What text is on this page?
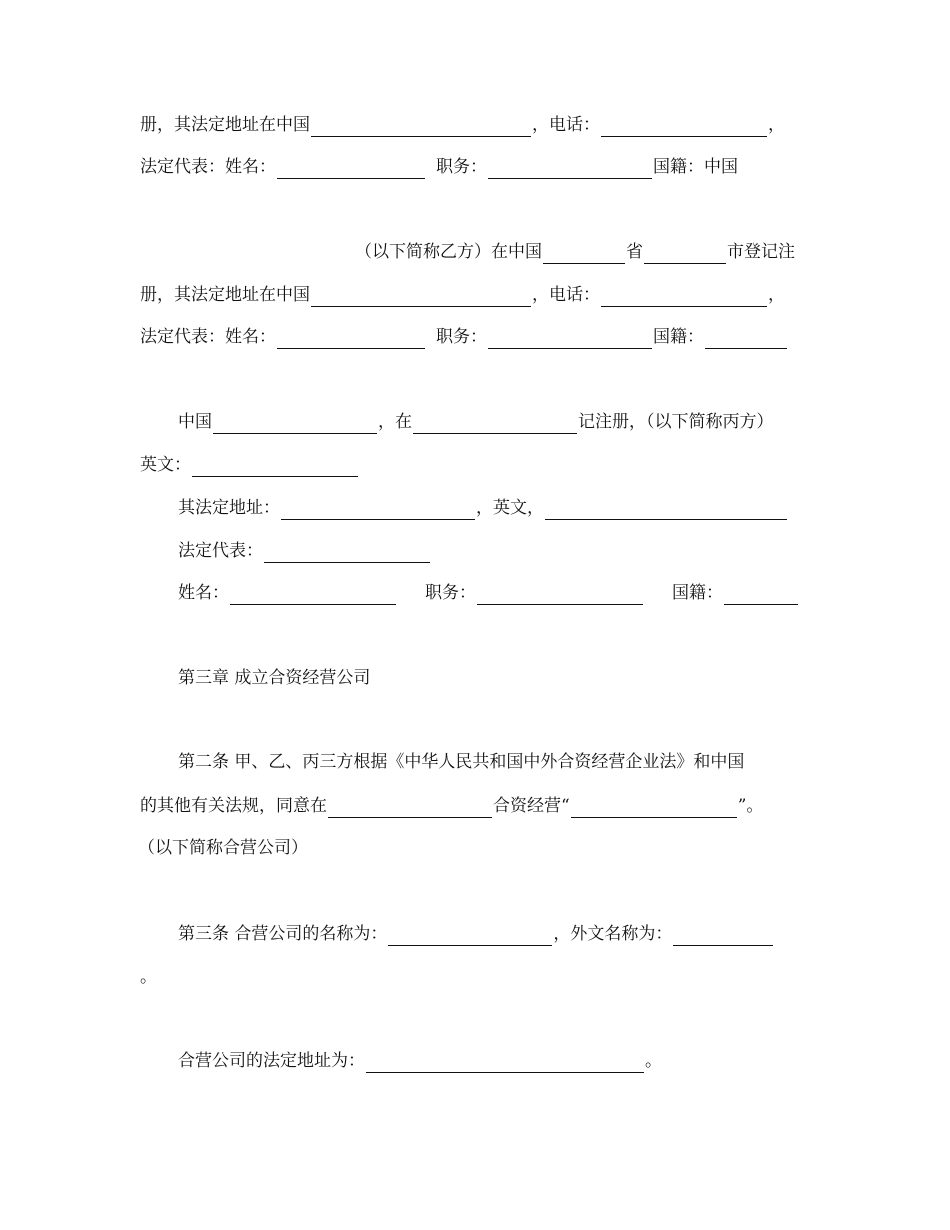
册，其法定地址在中国	，电话：	，
法定代表：姓名：	职务：	国籍：中国
（以下简称乙方）在中国	省	市登记注
册，其法定地址在中国	，电话：	，
法定代表：姓名：	职务：	国籍：
中国	，在	记注册，（以下简称丙方）
英文：
其法定地址：	，英文，
法定代表：
姓名：	职务：	国籍：
第三章 成立合资经营公司
第二条 甲、乙、丙三方根据《中华人民共和国中外合资经营企业法》和中国
的其他有关法规，同意在	合资经营“	”。
（以下简称合营公司）
第三条 合营公司的名称为：	，外文名称为：
。
合营公司的法定地址为：	。
